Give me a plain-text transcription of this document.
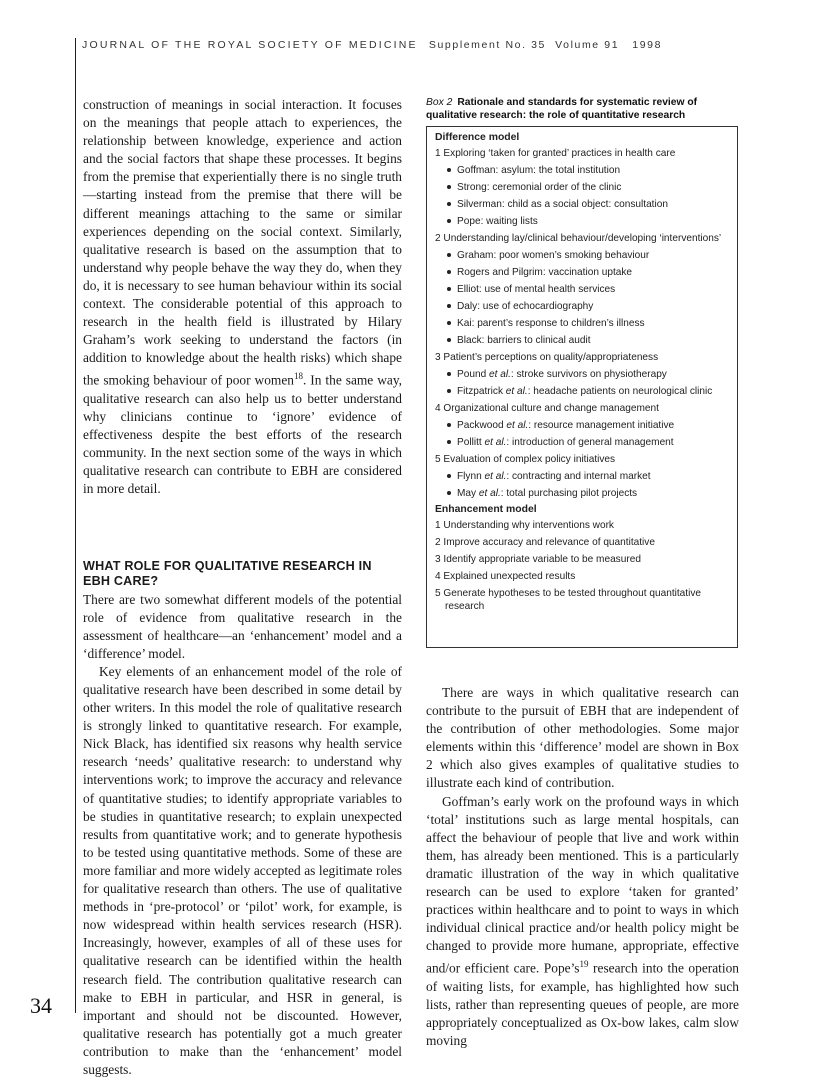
JOURNAL OF THE ROYAL SOCIETY OF MEDICINE Supplement No. 35 Volume 91 1998

construction of meanings in social interaction. It focuses on the meanings that people attach to experiences, the relationship between knowledge, experience and action and the social factors that shape these processes. It begins from the premise that experientially there is no single truth—starting instead from the premise that there will be different meanings attaching to the same or similar experiences depending on the social context. Similarly, qualitative research is based on the assumption that to understand why people behave the way they do, when they do, it is necessary to see human behaviour within its social context. The considerable potential of this approach to research in the health field is illustrated by Hilary Graham’s work seeking to understand the factors (in addition to knowledge about the health risks) which shape the smoking behaviour of poor women$^{18}$. In the same way, qualitative research can also help us to better understand why clinicians continue to ‘ignore’ evidence of effectiveness despite the best efforts of the research community. In the next section some of the ways in which qualitative research can contribute to EBH are considered in more detail.

WHAT ROLE FOR QUALITATIVE RESEARCH IN EBH CARE?

There are two somewhat different models of the potential role of evidence from qualitative research in the assessment of healthcare—an ‘enhancement’ model and a ‘difference’ model.

Key elements of an enhancement model of the role of qualitative research have been described in some detail by other writers. In this model the role of qualitative research is strongly linked to quantitative research. For example, Nick Black, has identified six reasons why health service research ‘needs’ qualitative research: to understand why interventions work; to improve the accuracy and relevance of quantitative studies; to identify appropriate variables to be studies in quantitative research; to explain unexpected results from quantitative work; and to generate hypothesis to be tested using quantitative methods. Some of these are more familiar and more widely accepted as legitimate roles for qualitative research than others. The use of qualitative methods in ‘pre-protocol’ or ‘pilot’ work, for example, is now widespread within health services research (HSR). Increasingly, however, examples of all of these uses for qualitative research can be identified within the health research field. The contribution qualitative research can make to EBH in particular, and HSR in general, is important and should not be discounted. However, qualitative research has potentially got a much greater contribution to make than the ‘enhancement’ model suggests.

Box 2 Rationale and standards for systematic review of qualitative research: the role of quantitative research
Difference model
1 Exploring ‘taken for granted’ practices in health care
Goffman: asylum: the total institution
Strong: ceremonial order of the clinic
Silverman: child as a social object: consultation
Pope: waiting lists
2 Understanding lay/clinical behaviour/developing ‘interventions’
Graham: poor women’s smoking behaviour
Rogers and Pilgrim: vaccination uptake
Elliot: use of mental health services
Daly: use of echocardiography
Kai: parent’s response to children’s illness
Black: barriers to clinical audit
3 Patient’s perceptions on quality/appropriateness
Pound et al.: stroke survivors on physiotherapy
Fitzpatrick et al.: headache patients on neurological clinic
4 Organizational culture and change management
Packwood et al.: resource management initiative
Pollitt et al.: introduction of general management
5 Evaluation of complex policy initiatives
Flynn et al.: contracting and internal market
May et al.: total purchasing pilot projects
Enhancement model
1 Understanding why interventions work
2 Improve accuracy and relevance of quantitative
3 Identify appropriate variable to be measured
4 Explained unexpected results
5 Generate hypotheses to be tested throughout quantitative research

There are ways in which qualitative research can contribute to the pursuit of EBH that are independent of the contribution of other methodologies. Some major elements within this ‘difference’ model are shown in Box 2 which also gives examples of qualitative studies to illustrate each kind of contribution.

Goffman’s early work on the profound ways in which ‘total’ institutions such as large mental hospitals, can affect the behaviour of people that live and work within them, has already been mentioned. This is a particularly dramatic illustration of the way in which qualitative research can be used to explore ‘taken for granted’ practices within healthcare and to point to ways in which individual clinical practice and/or health policy might be changed to provide more humane, appropriate, effective and/or efficient care. $Pope’s^{19}$ research into the operation of waiting lists, for example, has highlighted how such lists, rather than representing queues of people, are more appropriately conceptualized as Ox-bow lakes, calm slow moving

34
